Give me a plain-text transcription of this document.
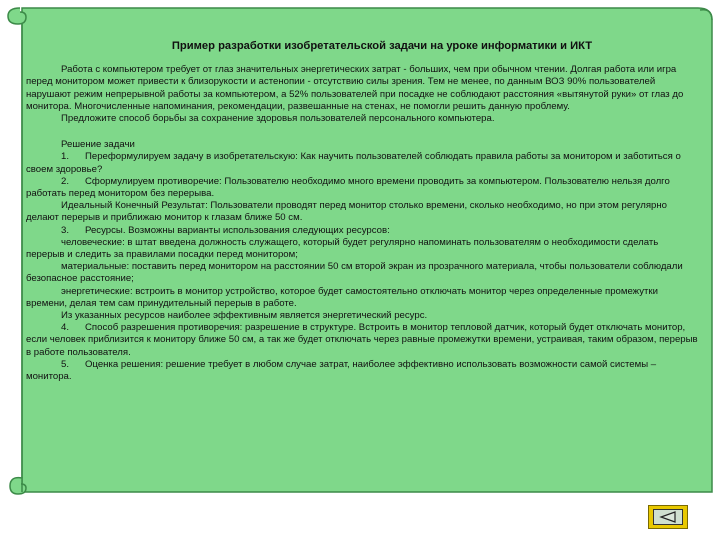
Пример разработки изобретательской задачи на уроке информатики и ИКТ

Работа с компьютером требует от глаз значительных энергетических затрат - больших, чем при обычном чтении. Долгая работа или игра перед монитором может привести к близорукости и астенопии - отсутствию силы зрения. Тем не менее, по данным ВОЗ 90% пользователей нарушают режим непрерывной работы за компьютером, а 52% пользователей при посадке не соблюдают расстояния «вытянутой руки» от глаз до монитора. Многочисленные напоминания, рекомендации, развешанные на стенах, не помогли решить данную проблему.

Предложите способ борьбы за сохранение здоровья пользователей персонального компьютера.

Решение задачи

1.      Переформулируем задачу в изобретательскую: Как научить пользователей соблюдать правила работы за монитором и заботиться о своем здоровье?

2.      Сформулируем противоречие: Пользователю необходимо много времени проводить за компьютером. Пользователю нельзя долго работать перед монитором без перерыва.

Идеальный Конечный Результат: Пользователи проводят перед монитор столько времени, сколько необходимо, но при этом регулярно делают перерыв и приближаю монитор к глазам ближе 50 см.

3.      Ресурсы. Возможны варианты использования следующих ресурсов:

человеческие: в штат введена должность служащего, который будет регулярно напоминать пользователям о необходимости сделать перерыв и следить за правилами посадки перед монитором;

материальные: поставить перед монитором на расстоянии 50 см второй экран из прозрачного материала, чтобы пользователи соблюдали безопасное расстояние;

энергетические: встроить в монитор устройство, которое будет самостоятельно отключать монитор через определенные промежутки времени, делая тем сам принудительный перерыв в работе.

Из указанных ресурсов наиболее эффективным является энергетический ресурс.

4.      Способ разрешения противоречия: разрешение в структуре. Встроить в монитор тепловой датчик, который будет отключать монитор, если человек приблизится к монитору ближе 50 см, а так же будет отключать через равные промежутки времени, устраивая, таким образом, перерыв в работе пользователя.

5.      Оценка решения: решение требует в любом случае затрат, наиболее эффективно использовать возможности самой системы – монитора.
